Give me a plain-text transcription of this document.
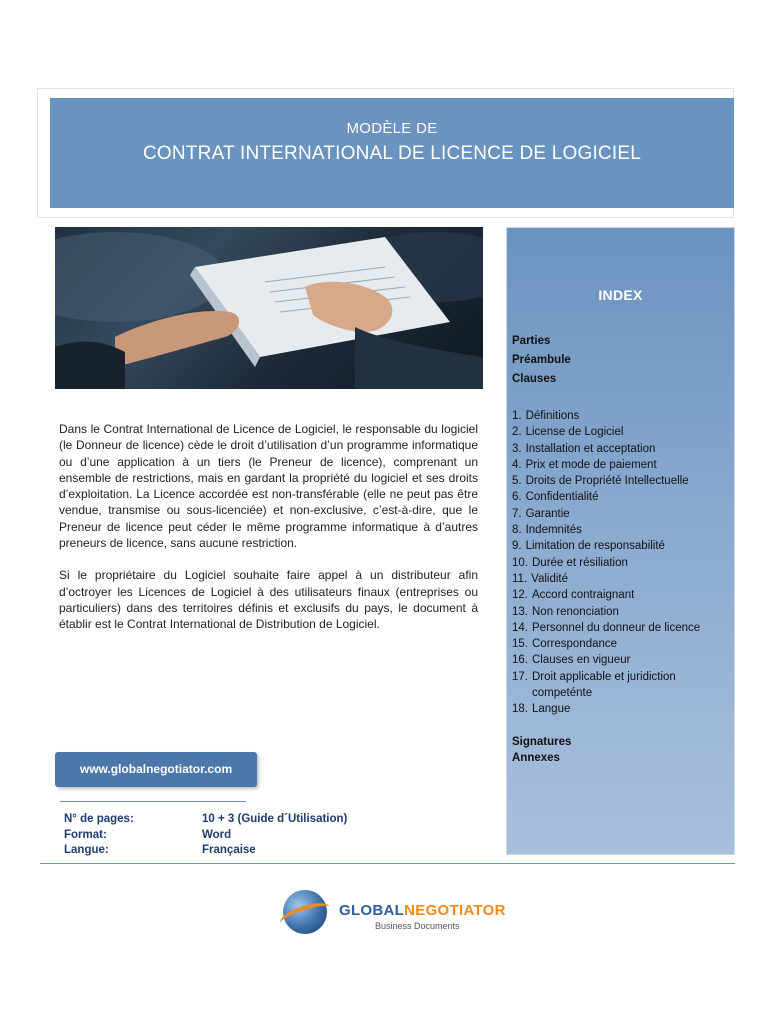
MODÈLE DE
CONTRAT INTERNATIONAL DE LICENCE DE LOGICIEL

Dans le Contrat International de Licence de Logiciel, le responsable du logiciel (le Donneur de licence) cède le droit d’utilisation d’un programme informatique ou d’une application à un tiers (le Preneur de licence), comprenant un ensemble de restrictions, mais en gardant la propriété du logiciel et ses droits d’exploitation. La Licence accordée est non-transférable (elle ne peut pas être vendue, transmise ou sous-licenciée) et non-exclusive, c’est-à-dire, que le Preneur de licence peut céder le même programme informatique à d’autres preneurs de licence, sans aucune restriction.

Si le propriétaire du Logiciel souhaite faire appel à un distributeur afin d’octroyer les Licences de Logiciel à des utilisateurs finaux (entreprises ou particuliers) dans des territoires définis et exclusifs du pays, le document à établir est le Contrat International de Distribution de Logiciel.

INDEX
Parties
Préambule
Clauses
1. Définitions
2. License de Logiciel
3. Installation et acceptation
4. Prix et mode de paiement
5. Droits de Propriété Intellectuelle
6. Confidentialité
7. Garantie
8. Indemnités
9. Limitation de responsabilité
10. Durée et résiliation
11. Validité
12. Accord contraignant
13. Non renonciation
14. Personnel du donneur de licence
15. Correspondance
16. Clauses en vigueur
17. Droit applicable et juridiction competénte
18. Langue
Signatures
Annexes
www.globalnegotiator.com
N° de pages:	10 + 3 (Guide d´Utilisation)
Format:	Word
Langue:	Française
GLOBALNEGOTIATOR
Business Documents
